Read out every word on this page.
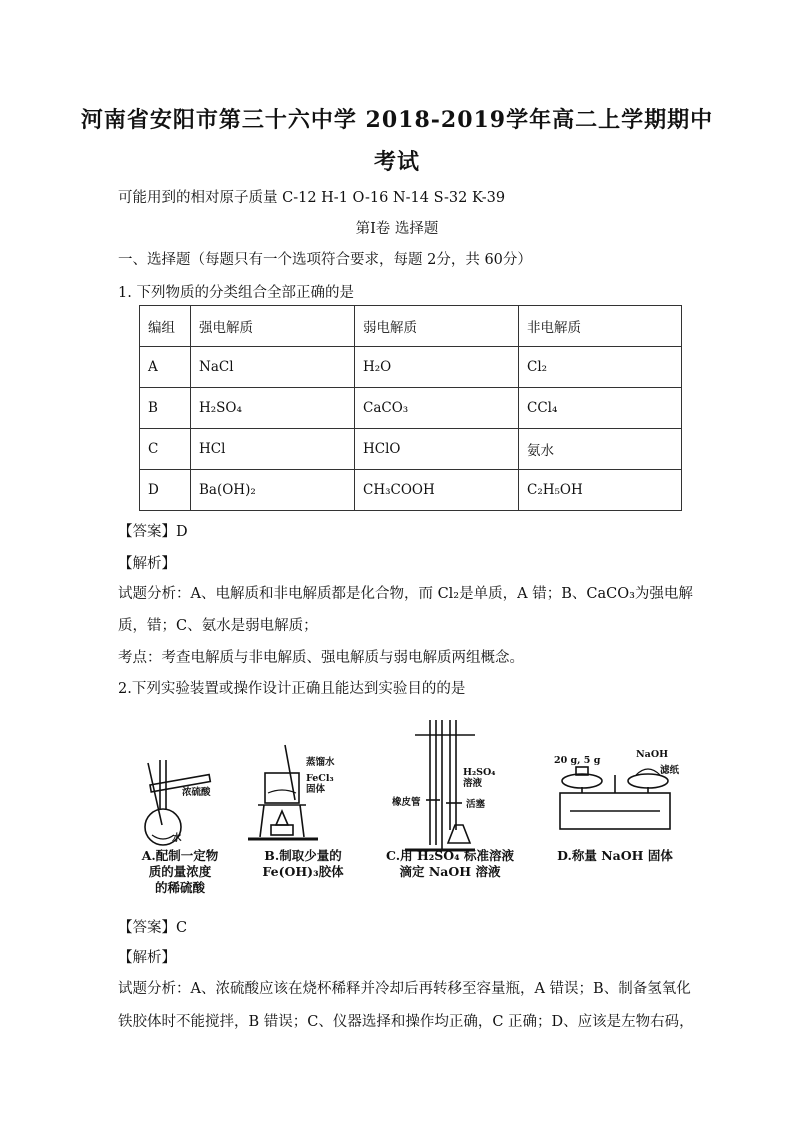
河南省安阳市第三十六中学 2018-2019学年高二上学期期中
考试
可能用到的相对原子质量 C-12 H-1 O-16 N-14 S-32 K-39
第Ⅰ卷 选择题
一、选择题（每题只有一个选项符合要求，每题 2分，共 60分）
1. 下列物质的分类组合全部正确的是
编组	强电解质	弱电解质	非电解质
A	NaCl	H₂O	Cl₂
B	H₂SO₄	CaCO₃	CCl₄
C	HCl	HClO	氨水
D	Ba(OH)₂	CH₃COOH	C₂H₅OH
【答案】D
【解析】
试题分析：A、电解质和非电解质都是化合物，而 Cl₂是单质，A 错；B、CaCO₃为强电解
质，错；C、氨水是弱电解质；
考点：考查电解质与非电解质、强电解质与弱电解质两组概念。
2.下列实验装置或操作设计正确且能达到实验目的的是
浓硫酸
水
蒸馏水
FeCl₃
固体
H₂SO₄
溶液
橡皮管	活塞
20 g, 5 g
NaOH
滤纸
A.配制一定物
质的量浓度
的稀硫酸
B.制取少量的
Fe(OH)₃胶体
C.用 H₂SO₄ 标准溶液
滴定 NaOH 溶液
D.称量 NaOH 固体
【答案】C
【解析】
试题分析：A、浓硫酸应该在烧杯稀释并冷却后再转移至容量瓶，A 错误；B、制备氢氧化
铁胶体时不能搅拌，B 错误；C、仪器选择和操作均正确，C 正确；D、应该是左物右码，
